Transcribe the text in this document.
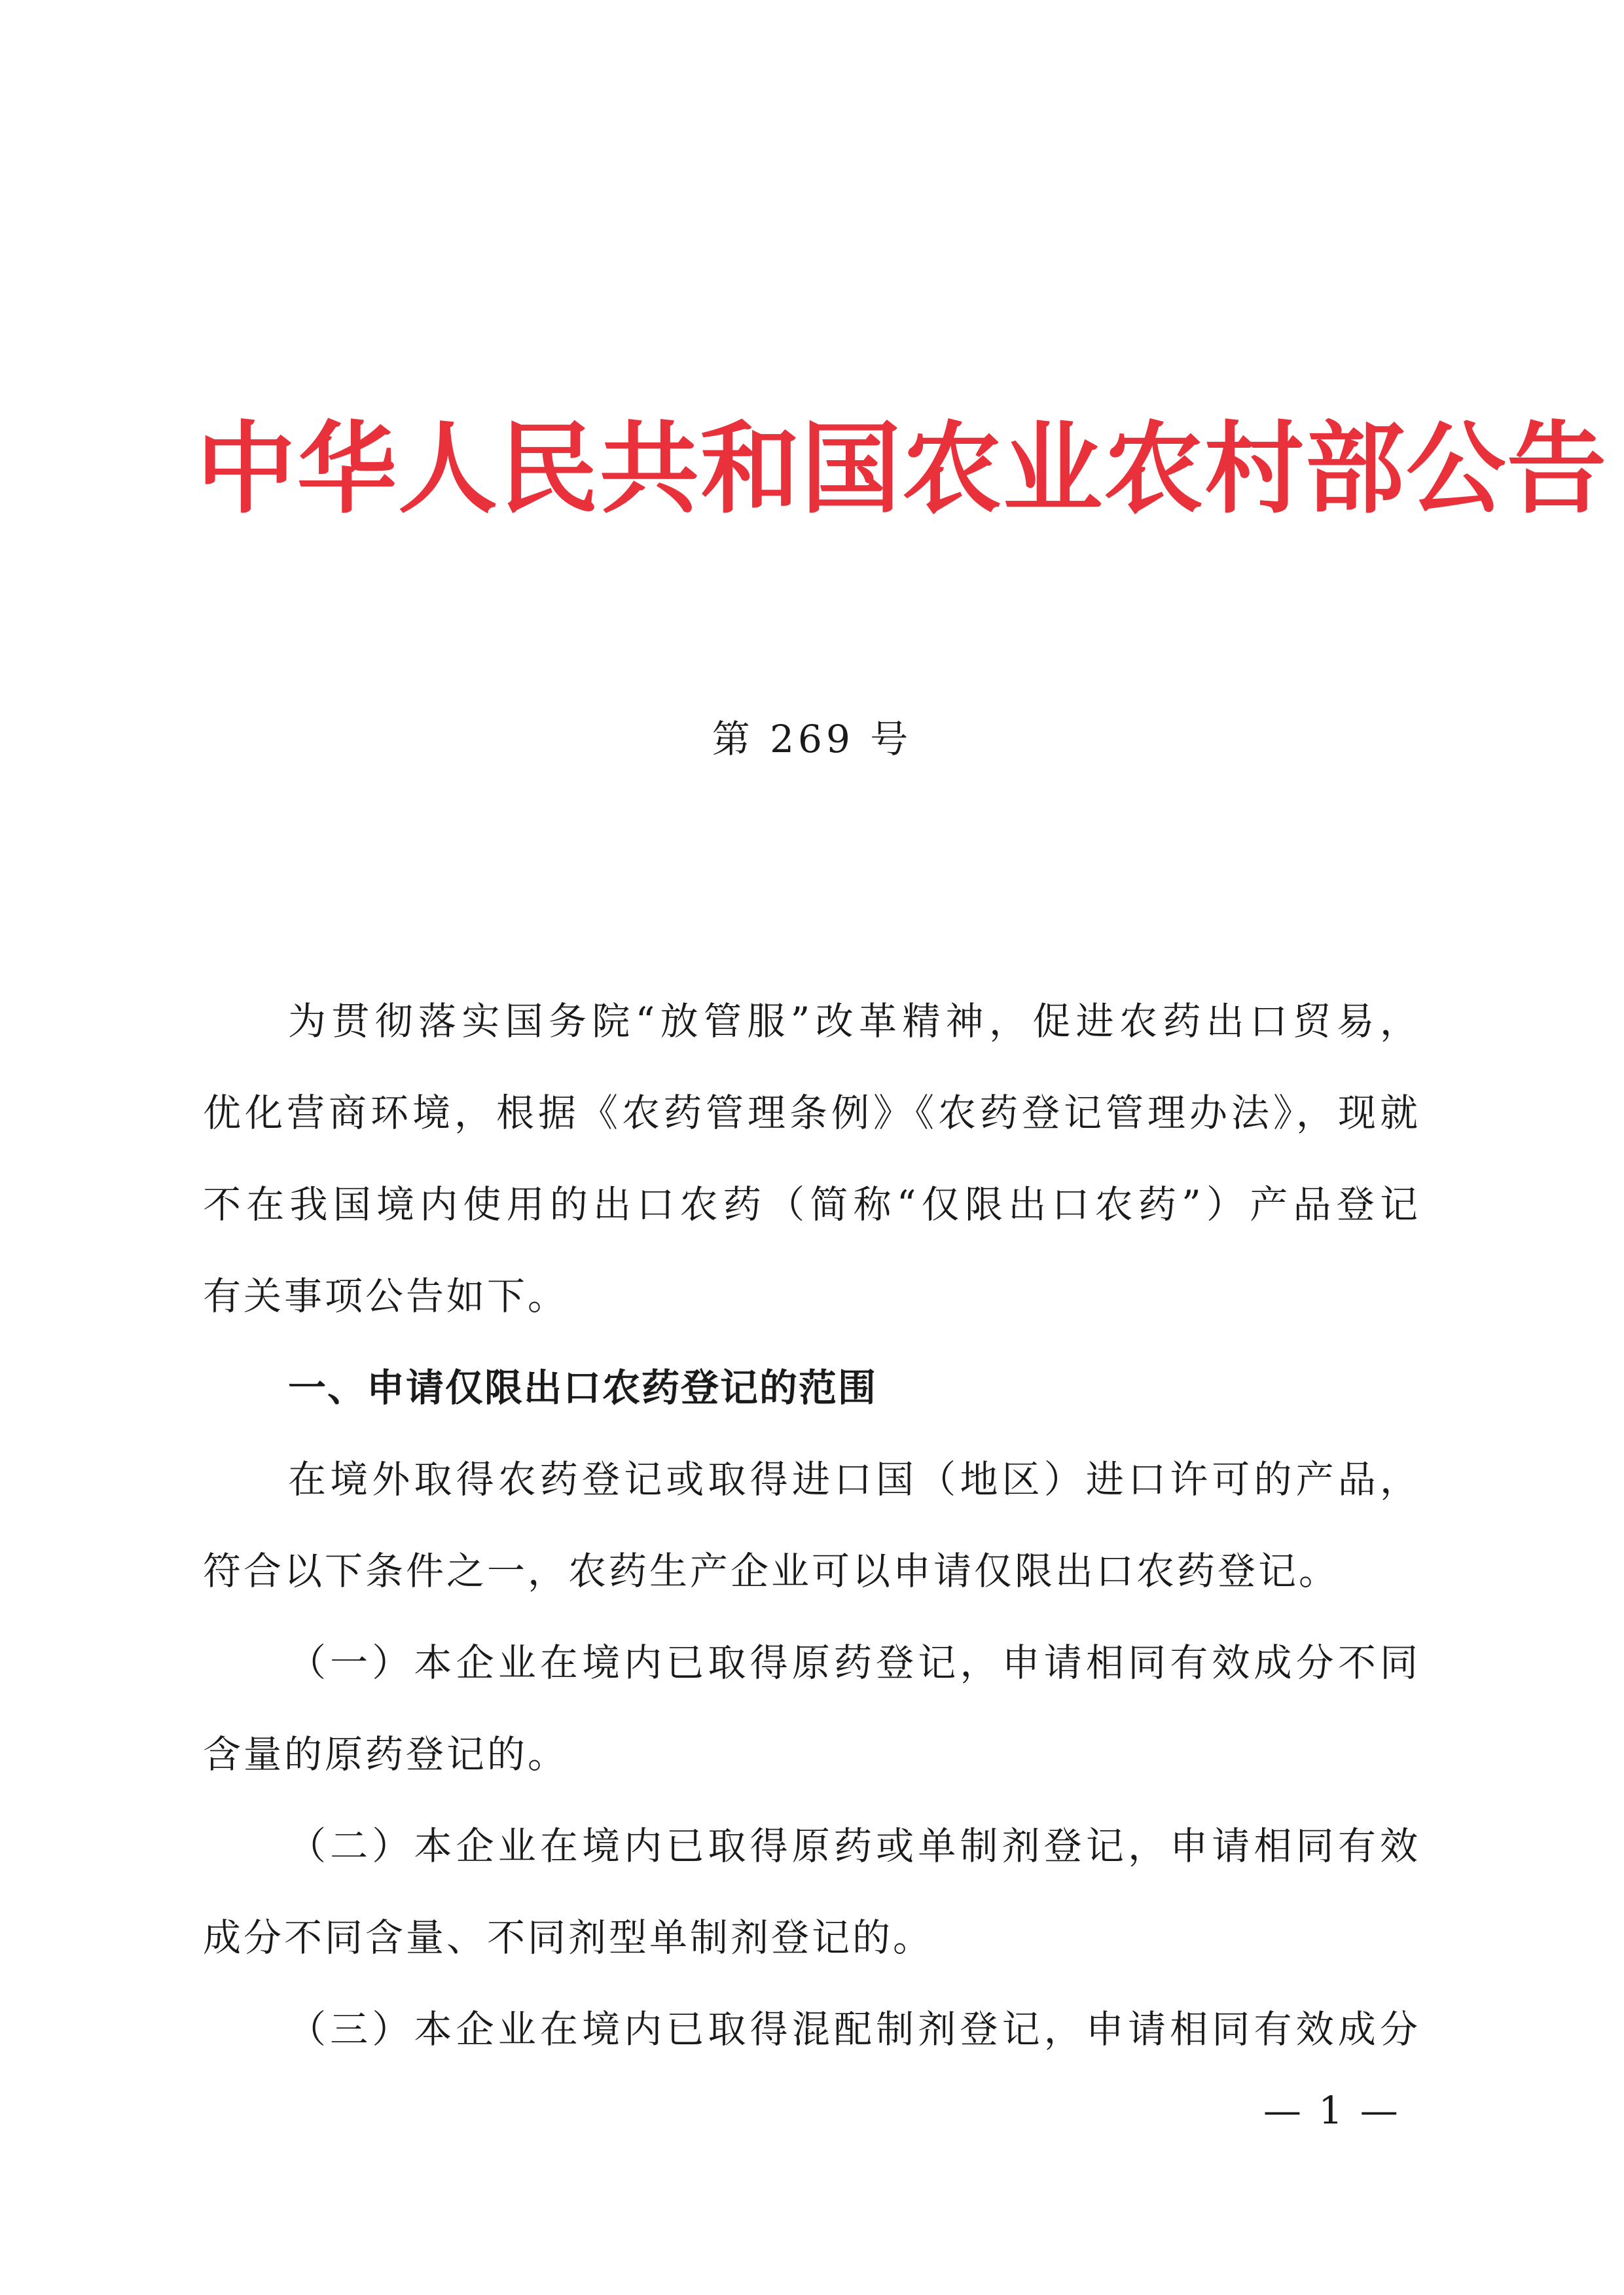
中华人民共和国农业农村部公告
第 269 号
为贯彻落实国务院“放管服”改革精神，促进农药出口贸易，
优化营商环境，根据《农药管理条例》《农药登记管理办法》，现就
不在我国境内使用的出口农药（简称“仅限出口农药”）产品登记
有关事项公告如下。
一、申请仅限出口农药登记的范围
在境外取得农药登记或取得进口国（地区）进口许可的产品，
符合以下条件之一，农药生产企业可以申请仅限出口农药登记。
（一）本企业在境内已取得原药登记，申请相同有效成分不同
含量的原药登记的。
（二）本企业在境内已取得原药或单制剂登记，申请相同有效
成分不同含量、不同剂型单制剂登记的。
（三）本企业在境内已取得混配制剂登记，申请相同有效成分
— 1 —
